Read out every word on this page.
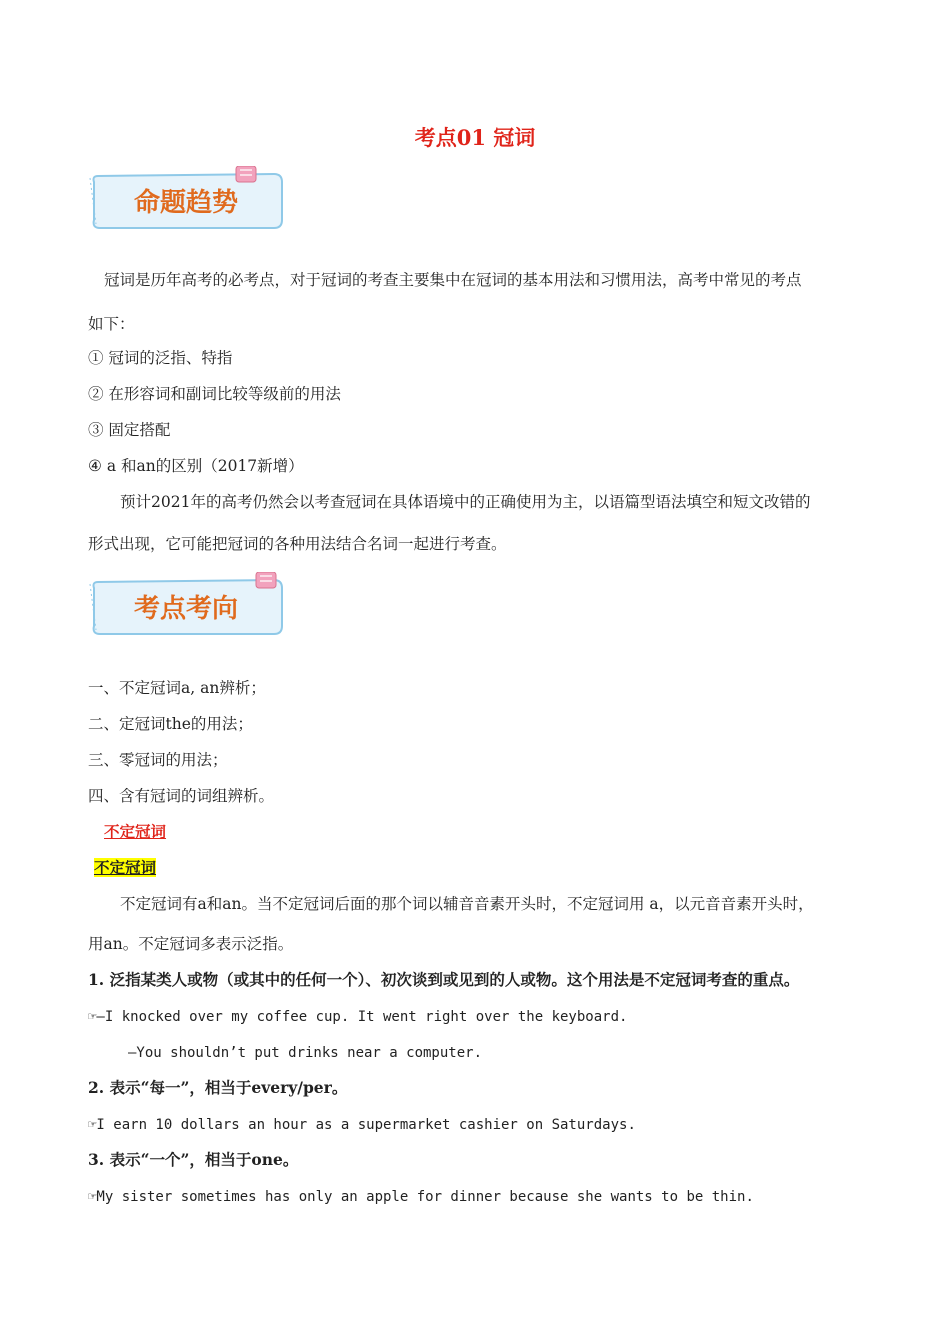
考点01 冠词
命题趋势
冠词是历年高考的必考点，对于冠词的考查主要集中在冠词的基本用法和习惯用法，高考中常见的考点
如下：
① 冠词的泛指、特指
② 在形容词和副词比较等级前的用法
③ 固定搭配
④ a 和an的区别（2017新增）
预计2021年的高考仍然会以考查冠词在具体语境中的正确使用为主，以语篇型语法填空和短文改错的
形式出现，它可能把冠词的各种用法结合名词一起进行考查。
考点考向
一、不定冠词a, an辨析；
二、定冠词the的用法；
三、零冠词的用法；
四、含有冠词的词组辨析。
不定冠词
不定冠词
不定冠词有a和an。当不定冠词后面的那个词以辅音音素开头时，不定冠词用 a，以元音音素开头时，
用an。不定冠词多表示泛指。
1. 泛指某类人或物（或其中的任何一个）、初次谈到或见到的人或物。这个用法是不定冠词考查的重点。
☞—I knocked over my coffee cup. It went right over the keyboard.
—You shouldn’t put drinks near a computer.
2. 表示“每一”，相当于every/per。
☞I earn 10 dollars an hour as a supermarket cashier on Saturdays.
3. 表示“一个”，相当于one。
☞My sister sometimes has only an apple for dinner because she wants to be thin.
